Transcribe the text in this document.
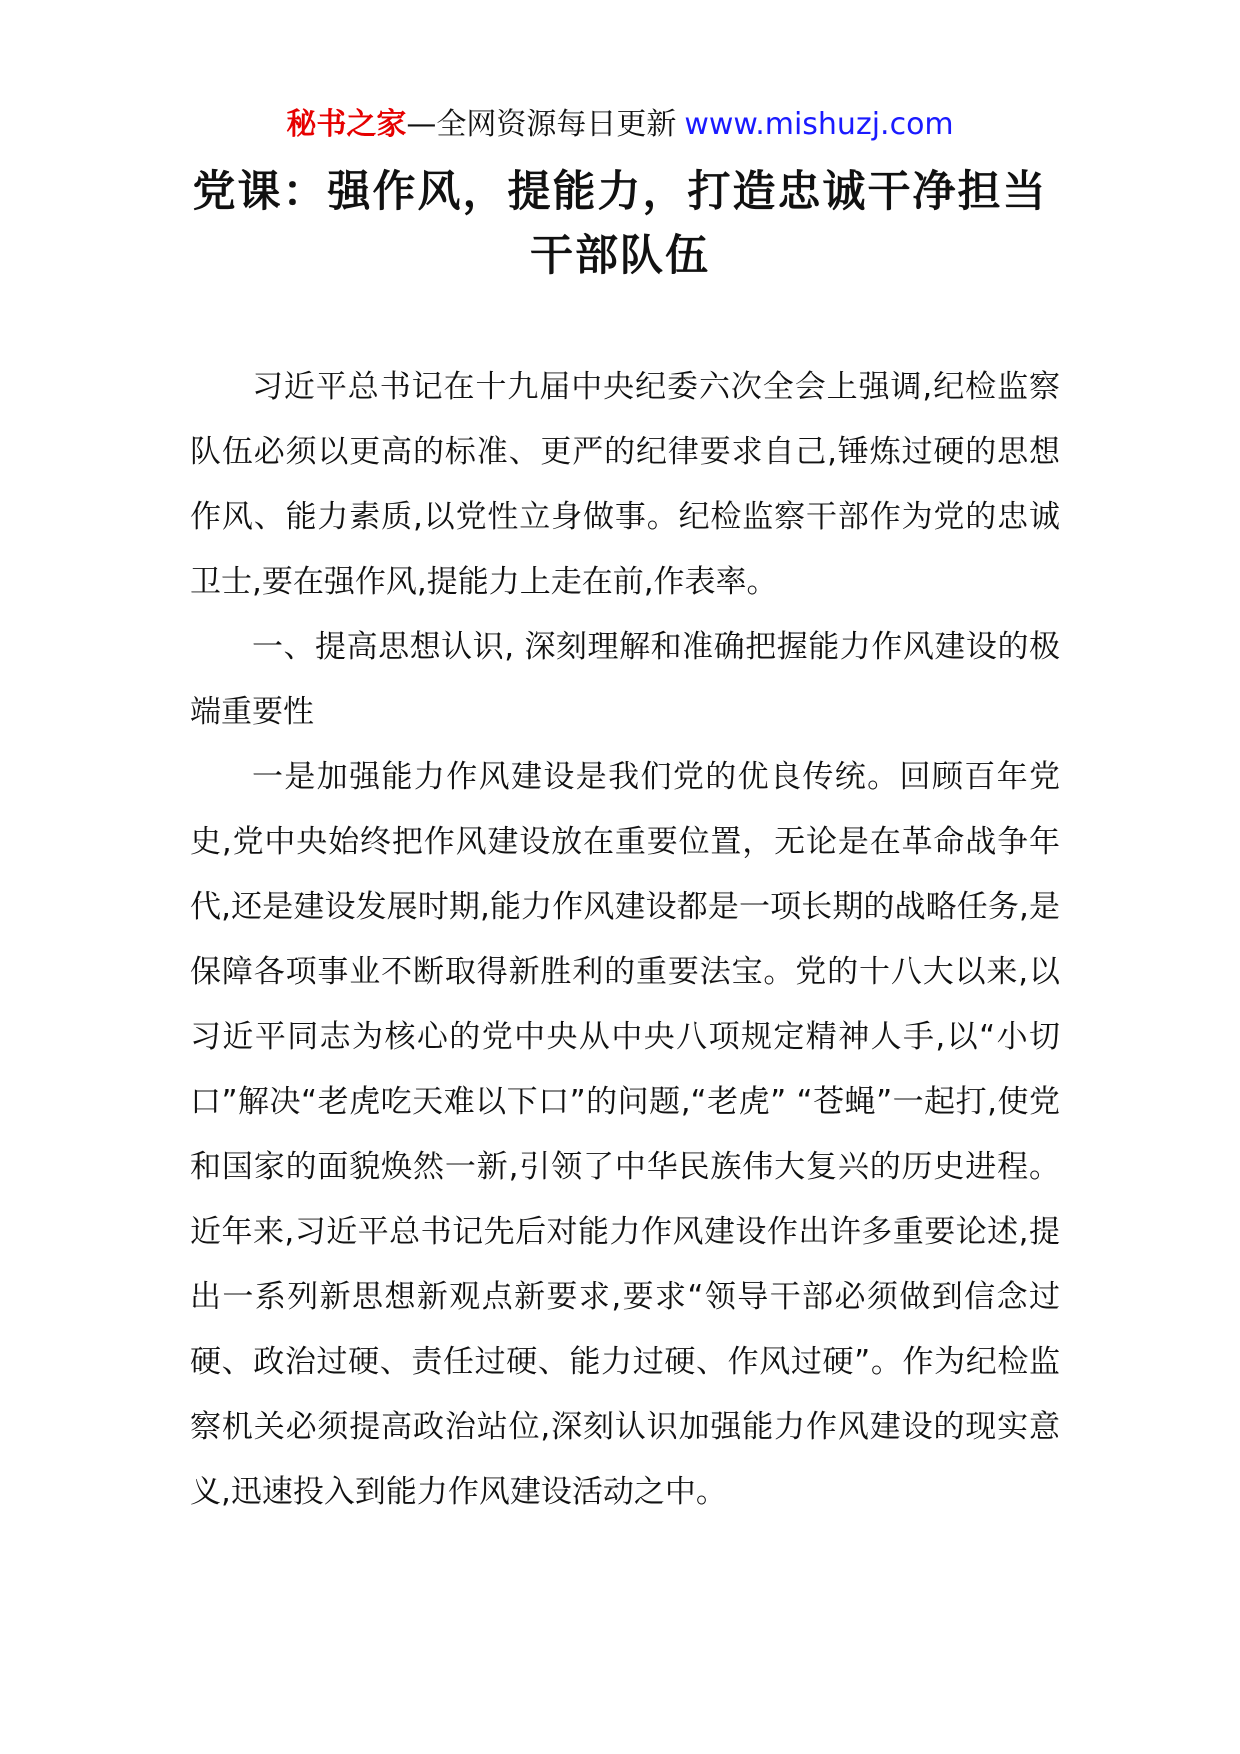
秘书之家—全网资源每日更新 www.mishuzj.com
党课：强作风，提能力，打造忠诚干净担当干部队伍

习近平总书记在十九届中央纪委六次全会上强调,纪检监察队伍必须以更高的标准、更严的纪律要求自己,锤炼过硬的思想作风、能力素质,以党性立身做事。纪检监察干部作为党的忠诚卫士,要在强作风,提能力上走在前,作表率。

一、提高思想认识, 深刻理解和准确把握能力作风建设的极端重要性

一是加强能力作风建设是我们党的优良传统。回顾百年党史,党中央始终把作风建设放在重要位置，无论是在革命战争年代,还是建设发展时期,能力作风建设都是一项长期的战略任务,是保障各项事业不断取得新胜利的重要法宝。党的十八大以来,以习近平同志为核心的党中央从中央八项规定精神人手,以“小切口”解决“老虎吃天难以下口”的问题,“老虎” “苍蝇”一起打,使党和国家的面貌焕然一新,引领了中华民族伟大复兴的历史进程。近年来,习近平总书记先后对能力作风建设作出许多重要论述,提出一系列新思想新观点新要求,要求“领导干部必须做到信念过硬、政治过硬、责任过硬、能力过硬、作风过硬”。作为纪检监察机关必须提高政治站位,深刻认识加强能力作风建设的现实意义,迅速投入到能力作风建设活动之中。
